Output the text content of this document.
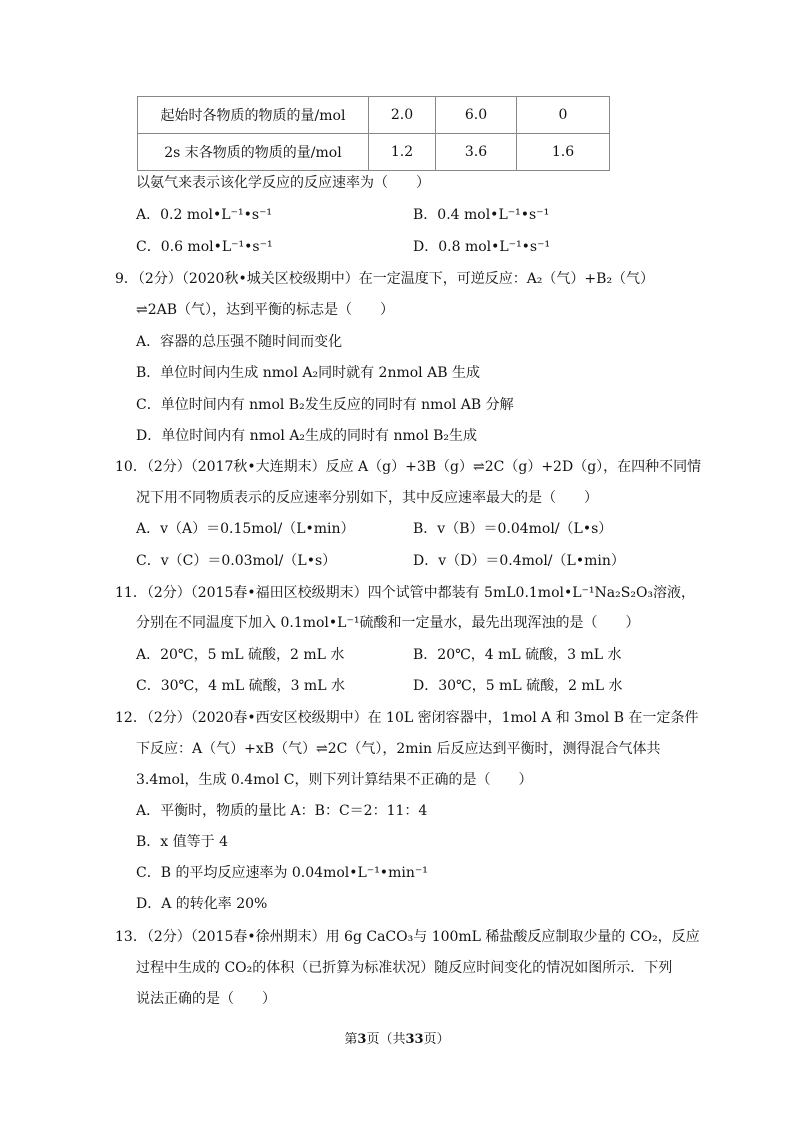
起始时各物质的物质的量/mol	2.0	6.0	0
2s 末各物质的物质的量/mol	1.2	3.6	1.6
以氨气来表示该化学反应的反应速率为（　　）
A．0.2 mol•L⁻¹•s⁻¹	B．0.4 mol•L⁻¹•s⁻¹
C．0.6 mol•L⁻¹•s⁻¹	D．0.8 mol•L⁻¹•s⁻¹
9．（2分）（2020秋•城关区校级期中）在一定温度下，可逆反应：A₂（气）+B₂（气）
⇌2AB（气），达到平衡的标志是（　　）
A．容器的总压强不随时间而变化
B．单位时间内生成 nmol A₂同时就有 2nmol AB 生成
C．单位时间内有 nmol B₂发生反应的同时有 nmol AB 分解
D．单位时间内有 nmol A₂生成的同时有 nmol B₂生成
10．（2分）（2017秋•大连期末）反应 A（g）+3B（g）⇌2C（g）+2D（g），在四种不同情
况下用不同物质表示的反应速率分别如下，其中反应速率最大的是（　　）
A．v（A）＝0.15mol/（L•min）	B．v（B）＝0.04mol/（L•s）
C．v（C）＝0.03mol/（L•s）	D．v（D）＝0.4mol/（L•min）
11．（2分）（2015春•福田区校级期末）四个试管中都装有 5mL0.1mol•L⁻¹Na₂S₂O₃溶液，
分别在不同温度下加入 0.1mol•L⁻¹硫酸和一定量水，最先出现浑浊的是（　　）
A．20℃，5 mL 硫酸，2 mL 水	B．20℃，4 mL 硫酸，3 mL 水
C．30℃，4 mL 硫酸，3 mL 水	D．30℃，5 mL 硫酸，2 mL 水
12．（2分）（2020春•西安区校级期中）在 10L 密闭容器中，1mol A 和 3mol B 在一定条件
下反应：A（气）+xB（气）⇌2C（气），2min 后反应达到平衡时，测得混合气体共
3.4mol，生成 0.4mol C，则下列计算结果不正确的是（　　）
A．平衡时，物质的量比 A：B：C＝2：11：4
B．x 值等于 4
C．B 的平均反应速率为 0.04mol•L⁻¹•min⁻¹
D．A 的转化率 20%
13．（2分）（2015春•徐州期末）用 6g CaCO₃与 100mL 稀盐酸反应制取少量的 CO₂，反应
过程中生成的 CO₂的体积（已折算为标准状况）随反应时间变化的情况如图所示．下列
说法正确的是（　　）
第3页（共33页）
